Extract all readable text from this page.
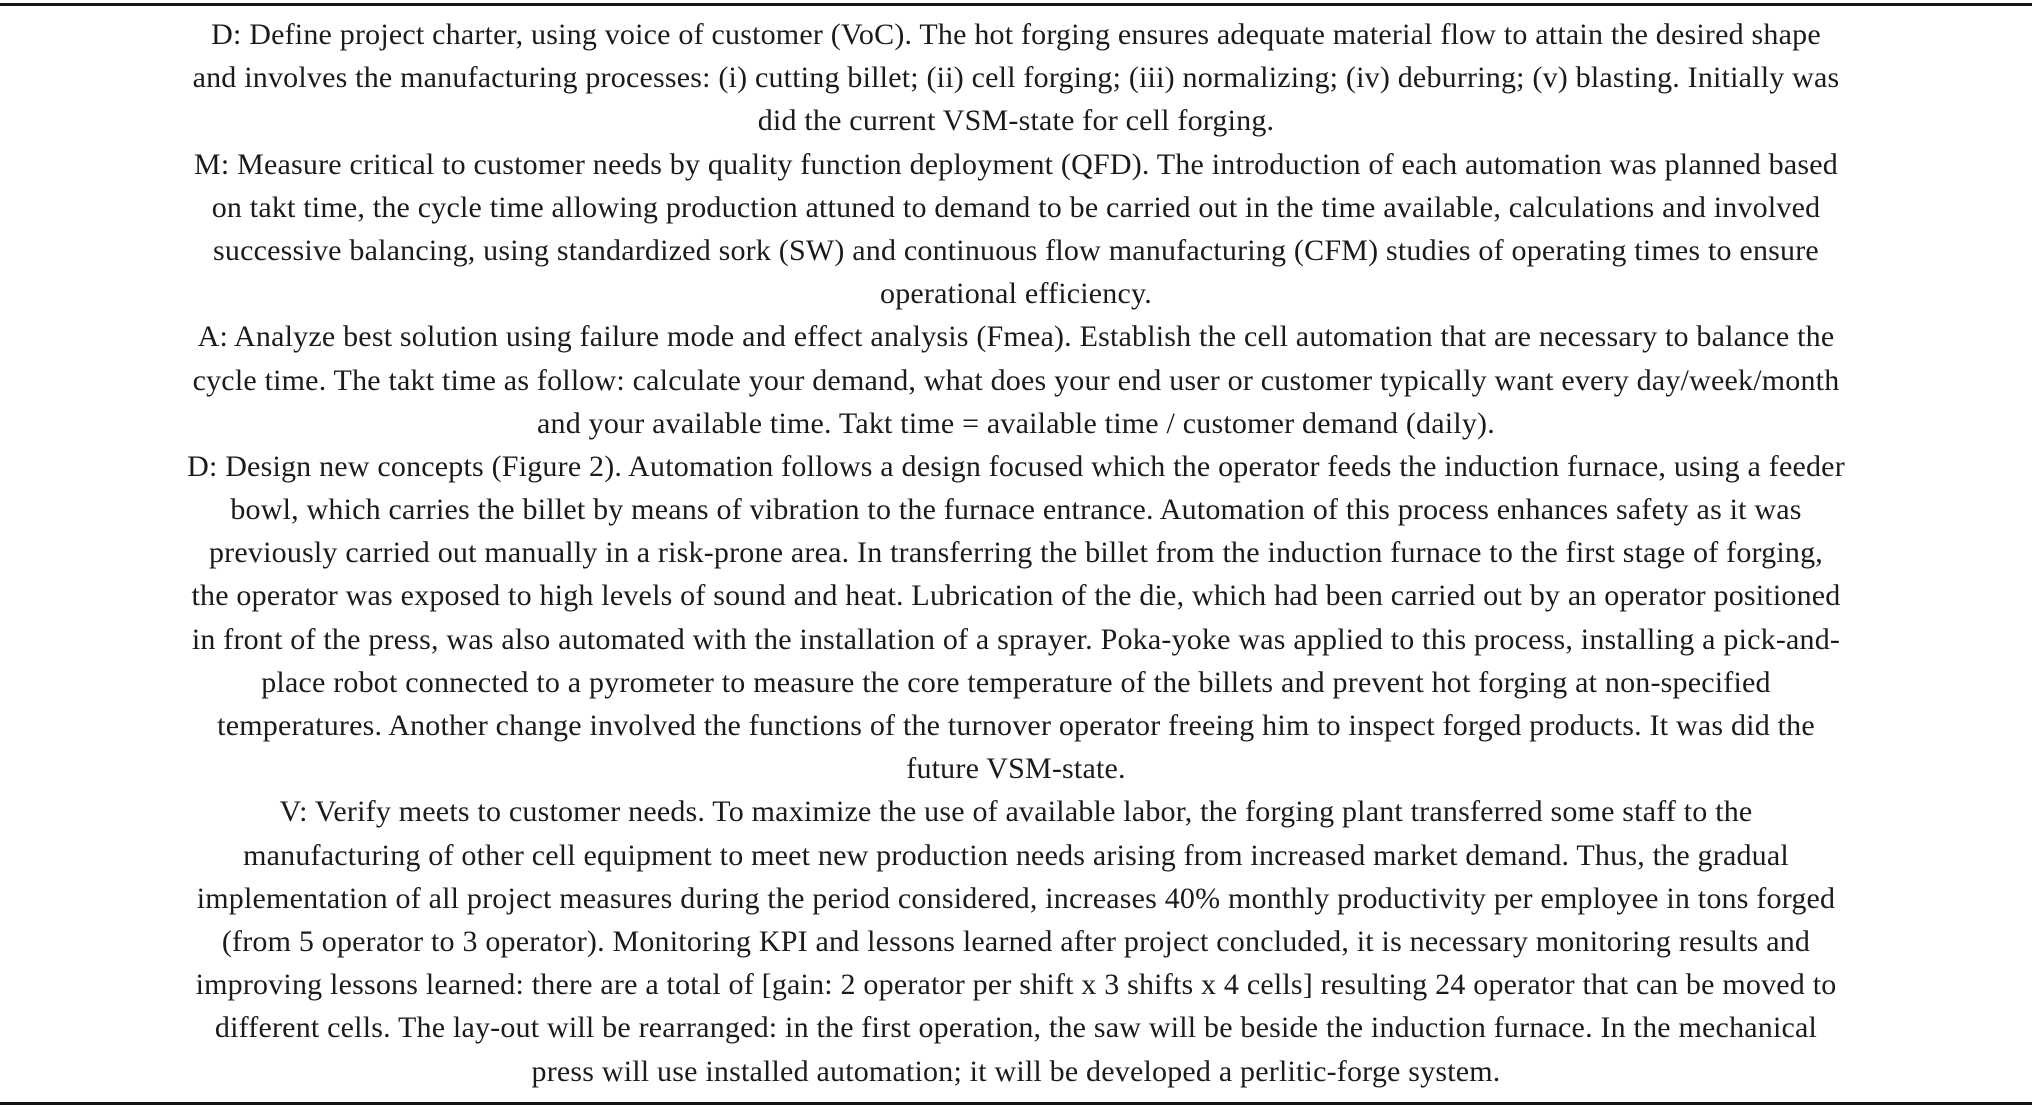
D: Define project charter, using voice of customer (VoC). The hot forging ensures adequate material flow to attain the desired shape
and involves the manufacturing processes: (i) cutting billet; (ii) cell forging; (iii) normalizing; (iv) deburring; (v) blasting. Initially was
did the current VSM-state for cell forging.
M: Measure critical to customer needs by quality function deployment (QFD). The introduction of each automation was planned based
on takt time, the cycle time allowing production attuned to demand to be carried out in the time available, calculations and involved
successive balancing, using standardized sork (SW) and continuous flow manufacturing (CFM) studies of operating times to ensure
operational efficiency.
A: Analyze best solution using failure mode and effect analysis (Fmea). Establish the cell automation that are necessary to balance the
cycle time. The takt time as follow: calculate your demand, what does your end user or customer typically want every day/week/month
and your available time. Takt time = available time / customer demand (daily).
D: Design new concepts (Figure 2). Automation follows a design focused which the operator feeds the induction furnace, using a feeder
bowl, which carries the billet by means of vibration to the furnace entrance. Automation of this process enhances safety as it was
previously carried out manually in a risk-prone area. In transferring the billet from the induction furnace to the first stage of forging,
the operator was exposed to high levels of sound and heat. Lubrication of the die, which had been carried out by an operator positioned
in front of the press, was also automated with the installation of a sprayer. Poka-yoke was applied to this process, installing a pick-and-
place robot connected to a pyrometer to measure the core temperature of the billets and prevent hot forging at non-specified
temperatures. Another change involved the functions of the turnover operator freeing him to inspect forged products. It was did the
future VSM-state.
V: Verify meets to customer needs. To maximize the use of available labor, the forging plant transferred some staff to the
manufacturing of other cell equipment to meet new production needs arising from increased market demand. Thus, the gradual
implementation of all project measures during the period considered, increases 40% monthly productivity per employee in tons forged
(from 5 operator to 3 operator). Monitoring KPI and lessons learned after project concluded, it is necessary monitoring results and
improving lessons learned: there are a total of [gain: 2 operator per shift x 3 shifts x 4 cells] resulting 24 operator that can be moved to
different cells. The lay-out will be rearranged: in the first operation, the saw will be beside the induction furnace. In the mechanical
press will use installed automation; it will be developed a perlitic-forge system.
